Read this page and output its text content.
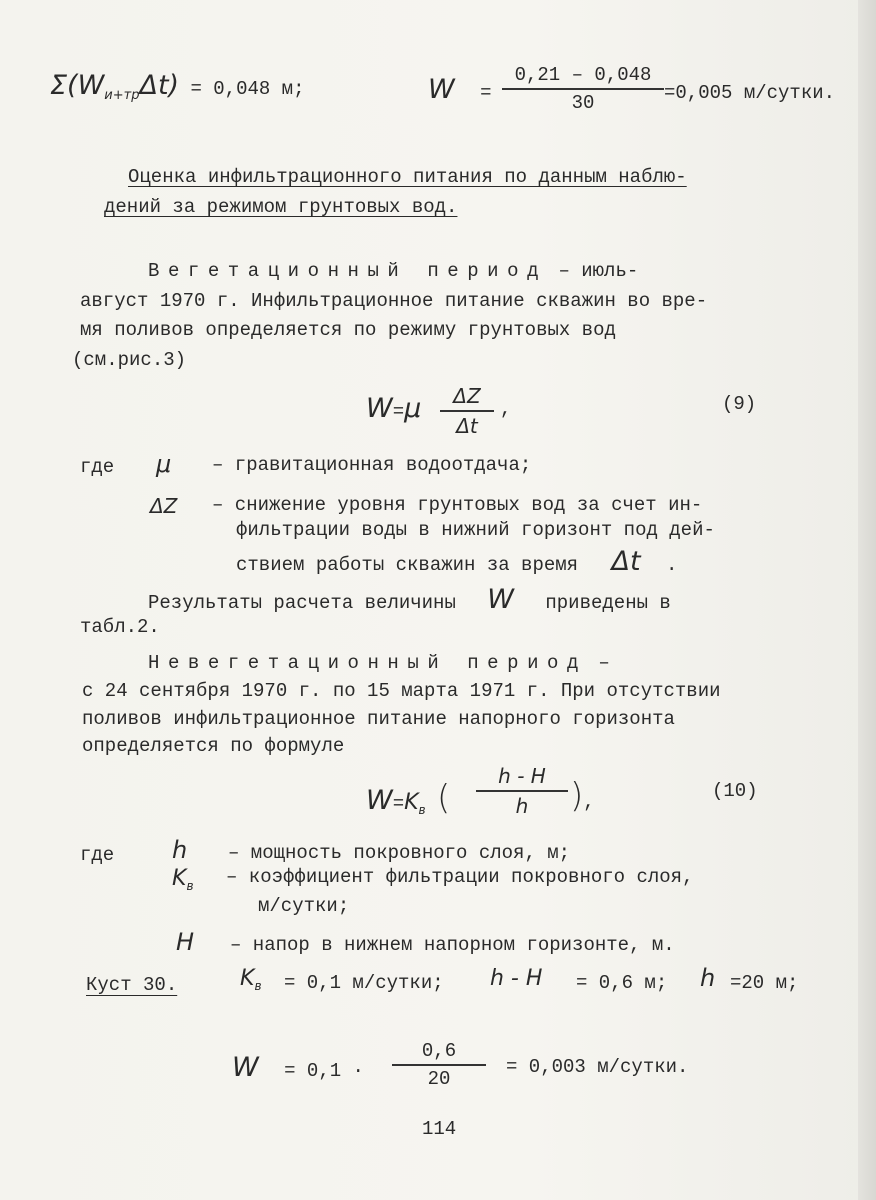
$\Sigma(W_{и+тр}\Delta t) = 0,048$ м;	$W = \frac{0,21 - 0,048}{30} =0,005$ м/сутки.
Оценка инфильтрационного питания по данным наблю-
дений за режимом грунтовых вод.
Вегетационный период – июль-
август 1970 г. Инфильтрационное питание скважин во вре-
мя поливов определяется по режиму грунтовых вод
(см.рис.3)
$W=\mu \frac{\Delta Z}{\Delta t}$ ,	(9)
где μ – гравитационная водоотдача;
ΔZ – снижение уровня грунтовых вод за счет ин-
фильтрации воды в нижний горизонт под дей-
ствием работы скважин за время Δt .
Результаты расчета величины W приведены в
табл.2.
Невегетационный период –
с 24 сентября 1970 г. по 15 марта 1971 г. При отсутствии
поливов инфильтрационное питание напорного горизонта
определяется по формуле
$W=K_в$ ( $\frac{h - H}{h}$ ),	(10)
где h – мощность покровного слоя, м;
$K_в$ – коэффициент фильтрации покровного слоя,
м/сутки;
H – напор в нижнем напорном горизонте, м.
Куст 30.	$K_в = 0,1$ м/сутки; h - H = 0,6 м; h =20 м;
$W = 0,1 \cdot \frac{0,6}{20} = 0,003$ м/сутки.
114
